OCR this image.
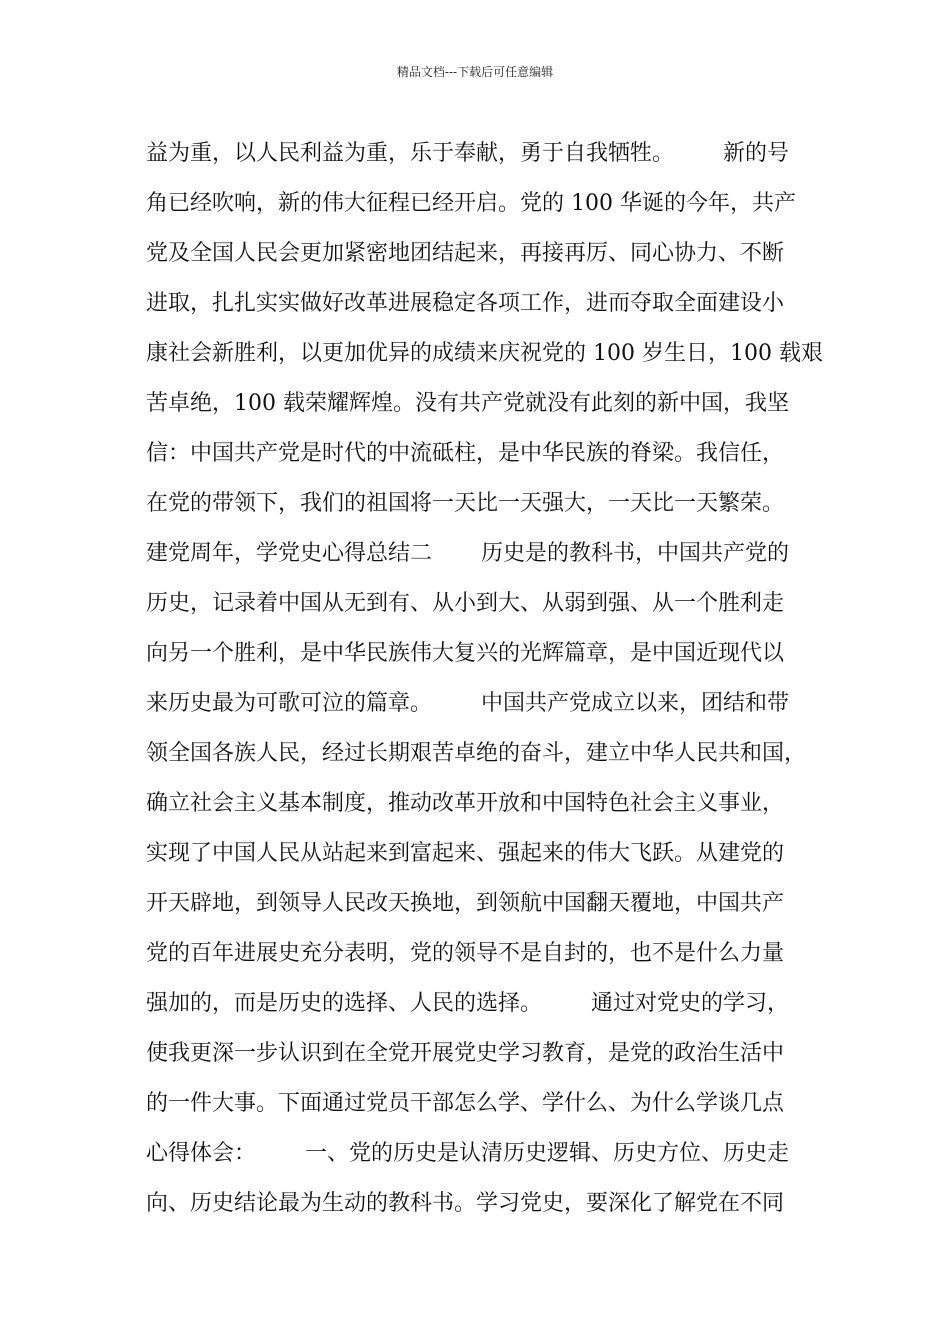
精品文档---下载后可任意编辑
益为重，以人民利益为重，乐于奉献，勇于自我牺牲。       新的号
角已经吹响，新的伟大征程已经开启。党的 100 华诞的今年，共产
党及全国人民会更加紧密地团结起来，再接再厉、同心协力、不断
进取，扎扎实实做好改革进展稳定各项工作，进而夺取全面建设小
康社会新胜利，以更加优异的成绩来庆祝党的 100 岁生日，100 载艰
苦卓绝，100 载荣耀辉煌。没有共产党就没有此刻的新中国，我坚
信：中国共产党是时代的中流砥柱，是中华民族的脊梁。我信任，
在党的带领下，我们的祖国将一天比一天强大，一天比一天繁荣。
建党周年，学党史心得总结二       历史是的教科书，中国共产党的
历史，记录着中国从无到有、从小到大、从弱到强、从一个胜利走
向另一个胜利，是中华民族伟大复兴的光辉篇章，是中国近现代以
来历史最为可歌可泣的篇章。       中国共产党成立以来，团结和带
领全国各族人民，经过长期艰苦卓绝的奋斗，建立中华人民共和国，
确立社会主义基本制度，推动改革开放和中国特色社会主义事业，
实现了中国人民从站起来到富起来、强起来的伟大飞跃。从建党的
开天辟地，到领导人民改天换地，到领航中国翻天覆地，中国共产
党的百年进展史充分表明，党的领导不是自封的，也不是什么力量
强加的，而是历史的选择、人民的选择。       通过对党史的学习，
使我更深一步认识到在全党开展党史学习教育，是党的政治生活中
的一件大事。下面通过党员干部怎么学、学什么、为什么学谈几点
心得体会：       一、党的历史是认清历史逻辑、历史方位、历史走
向、历史结论最为生动的教科书。学习党史，要深化了解党在不同
